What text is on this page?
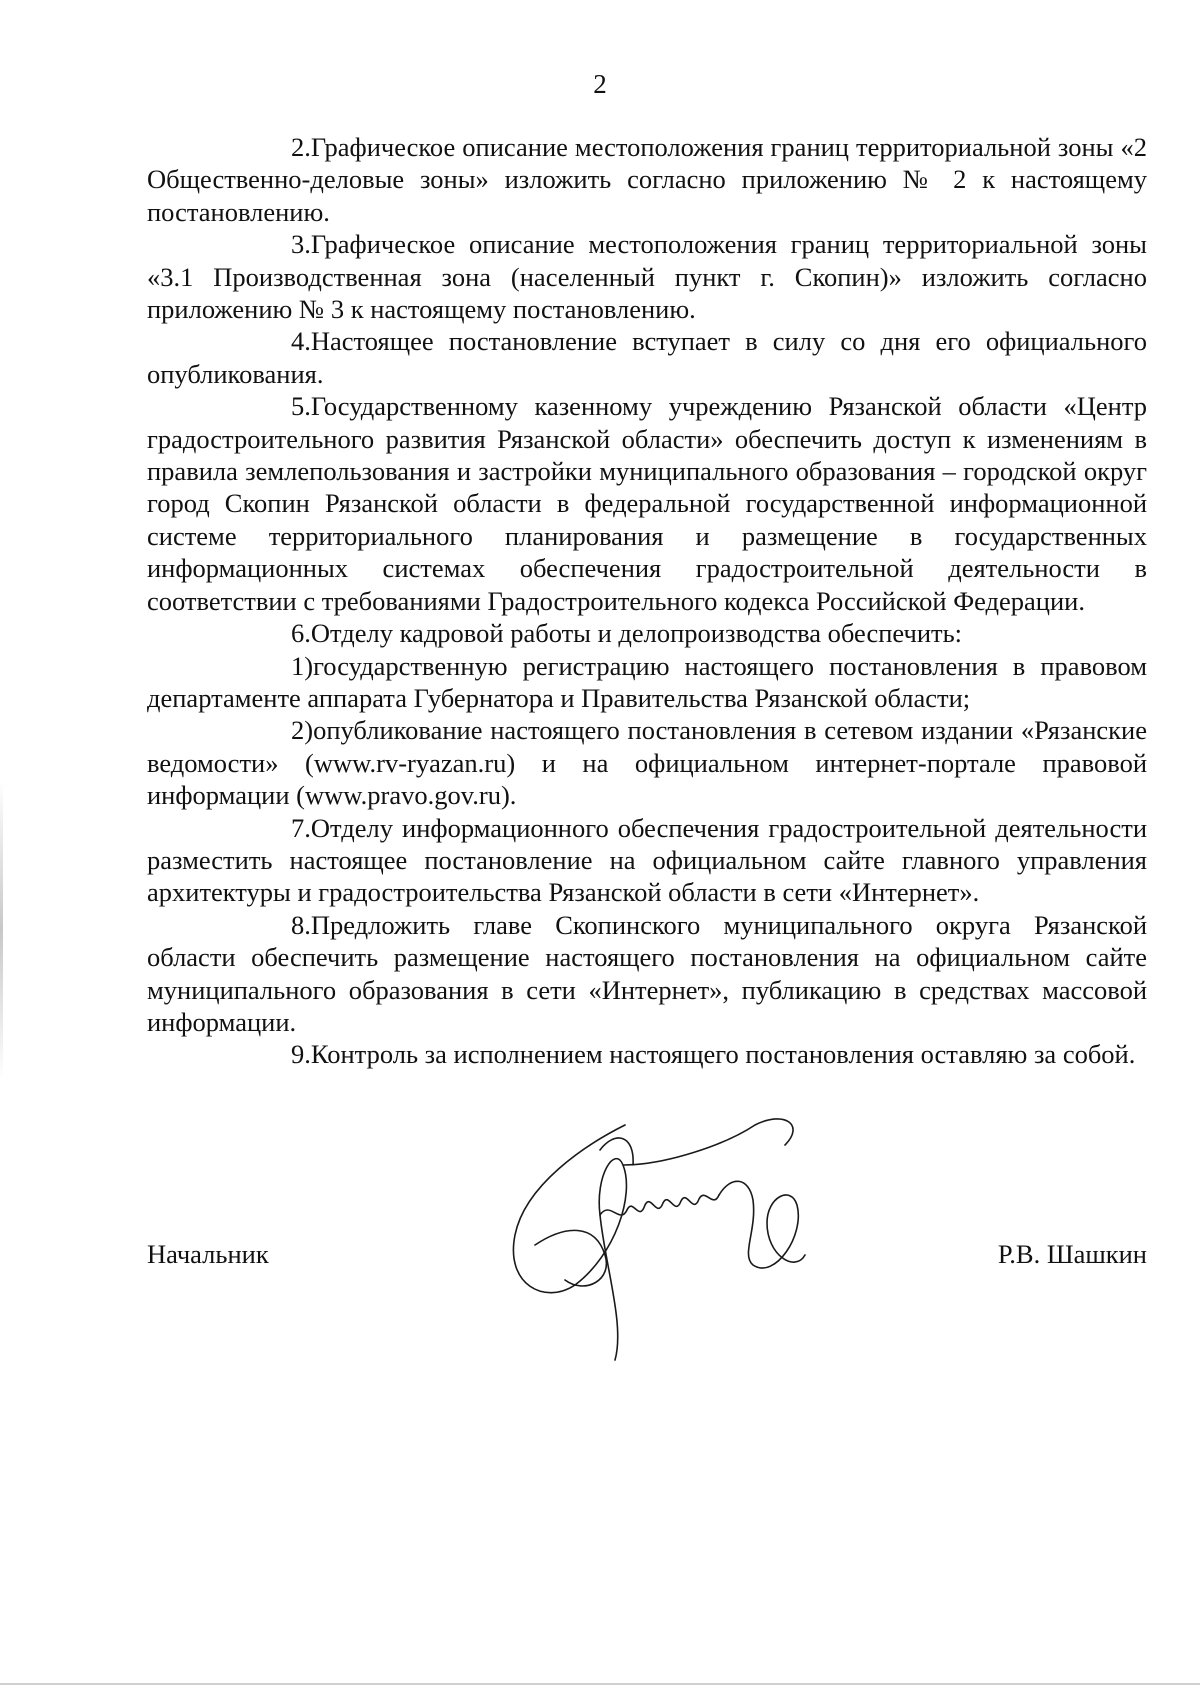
2

2.Графическое описание местоположения границ территориальной зоны «2 Общественно-деловые зоны» изложить согласно приложению № 2 к настоящему постановлению.

3.Графическое описание местоположения границ территориальной зоны «3.1 Производственная зона (населенный пункт г. Скопин)» изложить согласно приложению № 3 к настоящему постановлению.

4.Настоящее постановление вступает в силу со дня его официального опубликования.

5.Государственному казенному учреждению Рязанской области «Центр градостроительного развития Рязанской области» обеспечить доступ к изменениям в правила землепользования и застройки муниципального образования – городской округ город Скопин Рязанской области в федеральной государственной информационной системе территориального планирования и размещение в государственных информационных системах обеспечения градостроительной деятельности в соответствии с требованиями Градостроительного кодекса Российской Федерации.

6.Отделу кадровой работы и делопроизводства обеспечить:

1)государственную регистрацию настоящего постановления в правовом департаменте аппарата Губернатора и Правительства Рязанской области;

2)опубликование настоящего постановления в сетевом издании «Рязанские ведомости» (www.rv-ryazan.ru) и на официальном интернет-портале правовой информации (www.pravo.gov.ru).

7.Отделу информационного обеспечения градостроительной деятельности разместить настоящее постановление на официальном сайте главного управления архитектуры и градостроительства Рязанской области в сети «Интернет».

8.Предложить главе Скопинского муниципального округа Рязанской области обеспечить размещение настоящего постановления на официальном сайте муниципального образования в сети «Интернет», публикацию в средствах массовой информации.

9.Контроль за исполнением настоящего постановления оставляю за собой.

Начальник	Р.В. Шашкин
